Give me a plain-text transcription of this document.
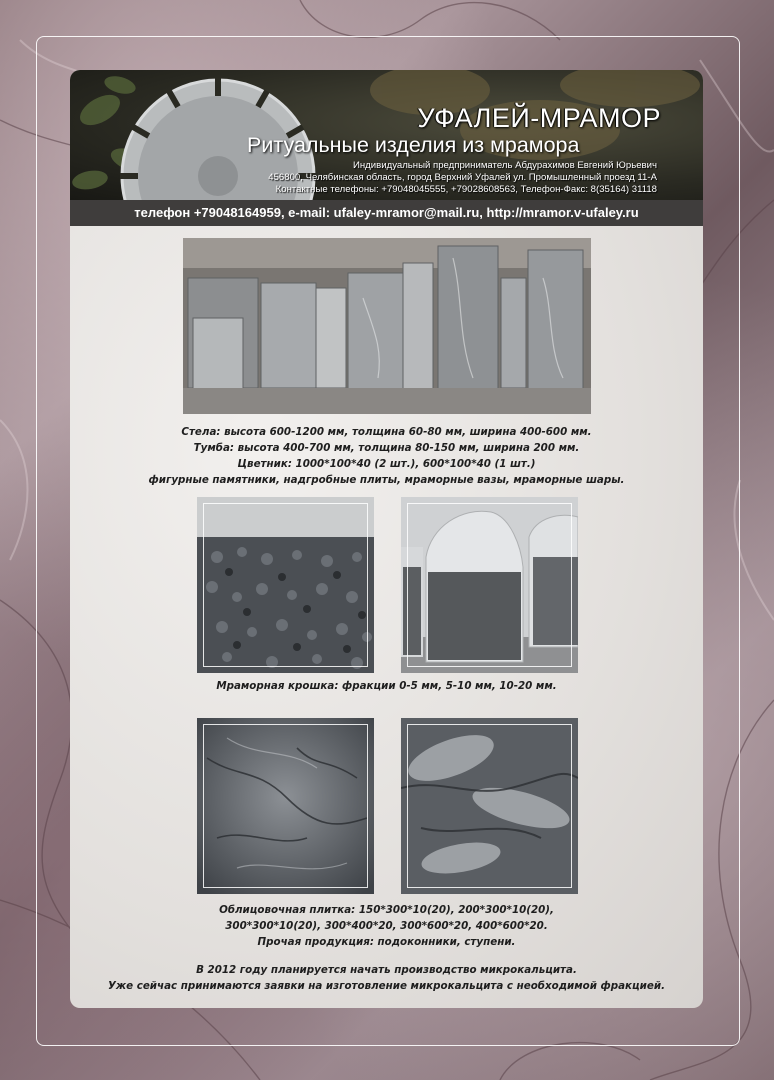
УФАЛЕЙ-МРАМОР
Ритуальные изделия из мрамора
Индивидуальный предприниматель Абдурахимов Евгений Юрьевич
456800, Челябинская область, город Верхний Уфалей ул. Промышленный проезд 11-А
Контактные телефоны: +79048045555, +79028608563, Телефон-Факс: 8(35164) 31118
телефон +79048164959, e-mail: ufaley-mramor@mail.ru, http://mramor.v-ufaley.ru
Стела: высота 600-1200 мм, толщина 60-80 мм, ширина 400-600 мм.
Тумба: высота 400-700 мм, толщина 80-150 мм, ширина 200 мм.
Цветник: 1000*100*40 (2 шт.), 600*100*40 (1 шт.)
фигурные памятники, надгробные плиты, мраморные вазы, мраморные шары.
Мраморная крошка: фракции 0-5 мм, 5-10 мм, 10-20 мм.
Облицовочная плитка: 150*300*10(20), 200*300*10(20),
300*300*10(20), 300*400*20, 300*600*20, 400*600*20.
Прочая продукция: подоконники, ступени.
В 2012 году планируется начать производство микрокальцита.
Уже сейчас принимаются заявки на изготовление микрокальцита с необходимой фракцией.
